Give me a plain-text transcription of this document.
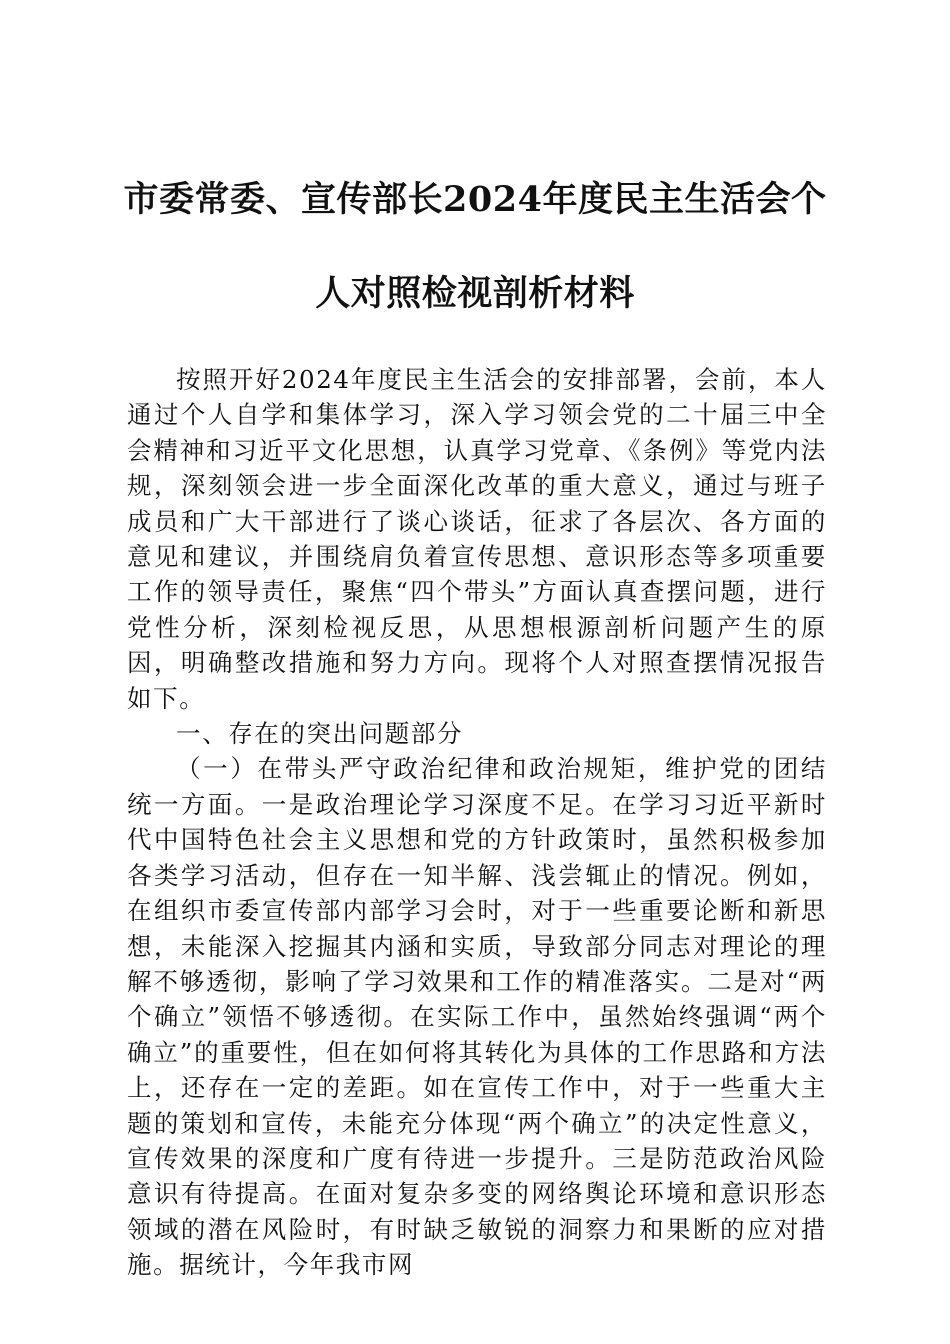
市委常委、宣传部长2024年度民主生活会个
人对照检视剖析材料

按照开好2024年度民主生活会的安排部署，会前，本人通过个人自学和集体学习，深入学习领会党的二十届三中全会精神和习近平文化思想，认真学习党章、《条例》等党内法规，深刻领会进一步全面深化改革的重大意义，通过与班子成员和广大干部进行了谈心谈话，征求了各层次、各方面的意见和建议，并围绕肩负着宣传思想、意识形态等多项重要工作的领导责任，聚焦“四个带头”方面认真查摆问题，进行党性分析，深刻检视反思，从思想根源剖析问题产生的原因，明确整改措施和努力方向。现将个人对照查摆情况报告如下。

一、存在的突出问题部分

（一）在带头严守政治纪律和政治规矩，维护党的团结统一方面。一是政治理论学习深度不足。在学习习近平新时代中国特色社会主义思想和党的方针政策时，虽然积极参加各类学习活动，但存在一知半解、浅尝辄止的情况。例如，在组织市委宣传部内部学习会时，对于一些重要论断和新思想，未能深入挖掘其内涵和实质，导致部分同志对理论的理解不够透彻，影响了学习效果和工作的精准落实。二是对“两个确立”领悟不够透彻。在实际工作中，虽然始终强调“两个确立”的重要性，但在如何将其转化为具体的工作思路和方法上，还存在一定的差距。如在宣传工作中，对于一些重大主题的策划和宣传，未能充分体现“两个确立”的决定性意义，宣传效果的深度和广度有待进一步提升。三是防范政治风险意识有待提高。在面对复杂多变的网络舆论环境和意识形态领域的潜在风险时，有时缺乏敏锐的洞察力和果断的应对措施。据统计，今年我市网
